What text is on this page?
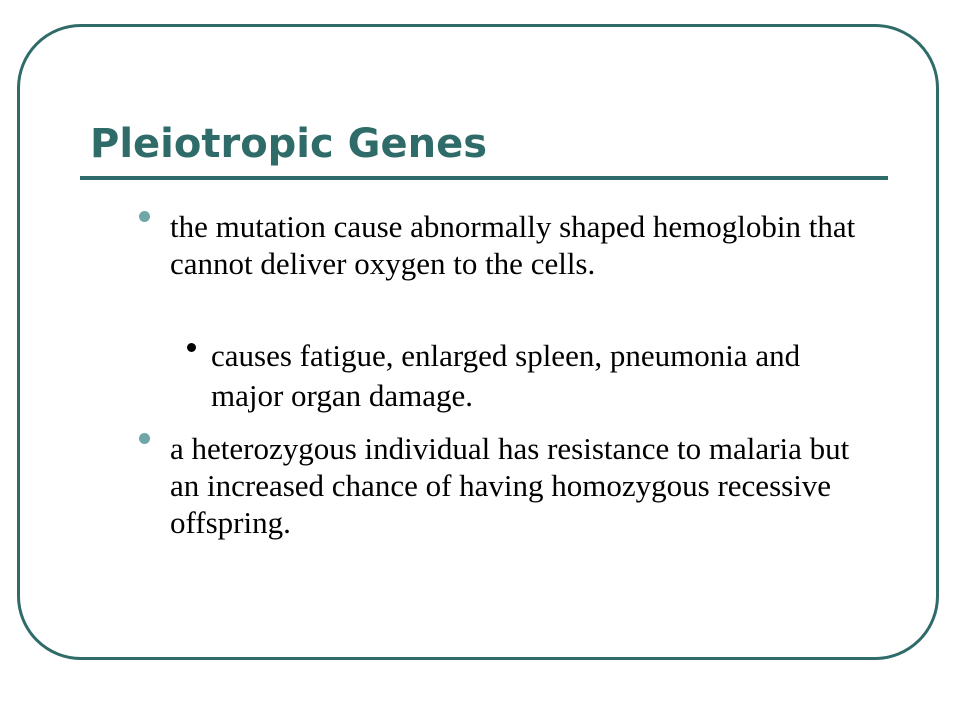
Pleiotropic Genes

the mutation cause abnormally shaped hemoglobin that cannot deliver oxygen to the cells.

causes fatigue, enlarged spleen, pneumonia and major organ damage.

a heterozygous individual has resistance to malaria but an increased chance of having homozygous recessive offspring.
